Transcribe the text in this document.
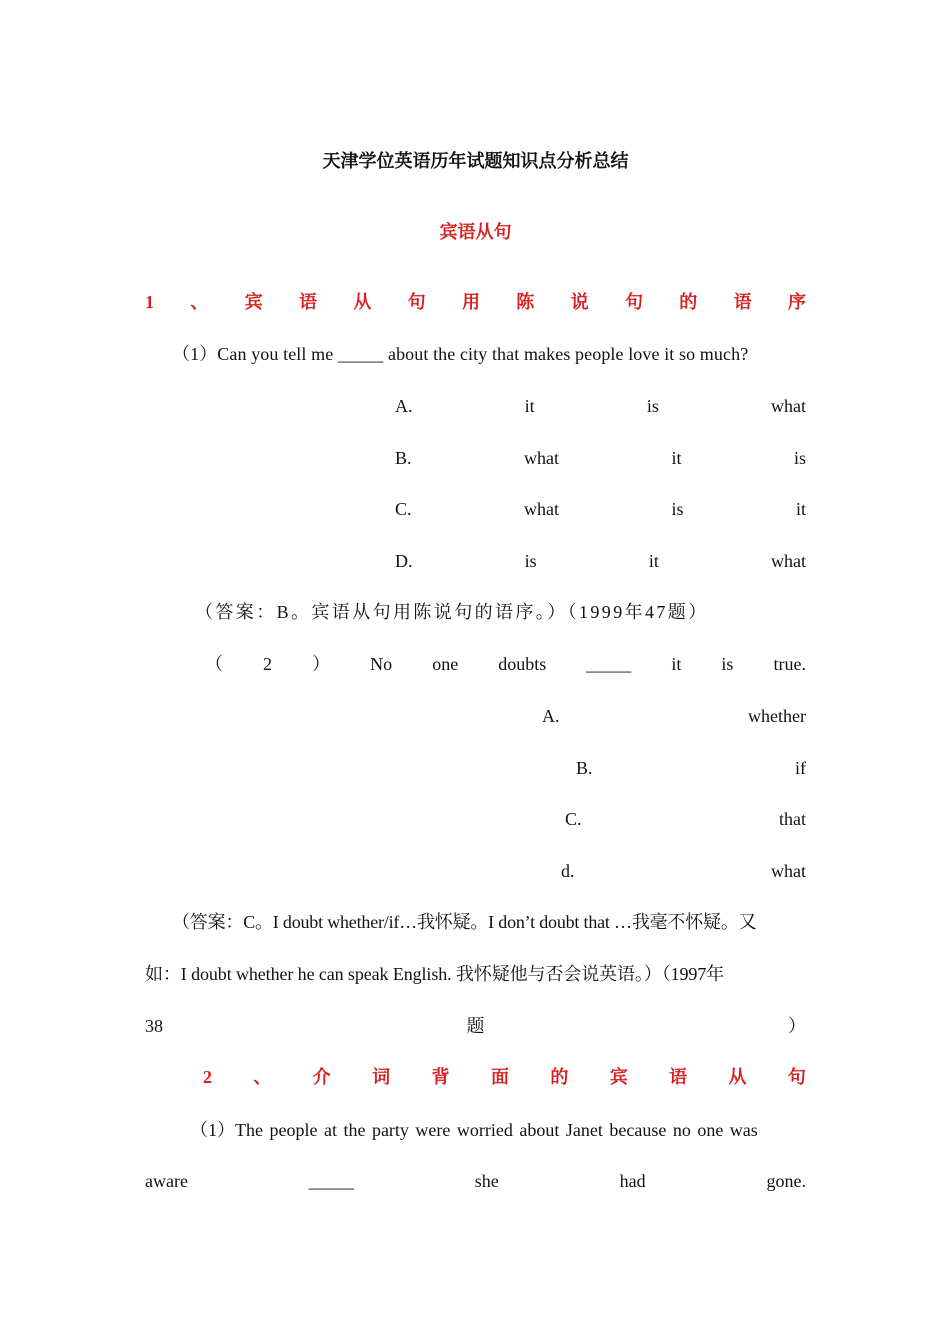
天津学位英语历年试题知识点分析总结
宾语从句
1 、 宾 语 从 句 用 陈 说 句 的 语 序
（1）Can you tell me _____ about the city that makes people love it so much?
A.	it	is	what
B.	what	it	is
C.	what	is	it
D.	is	it	what
（答案：B。宾语从句用陈说句的语序。）（1999年47题）
（ 2 ） No one doubts _____ it is true.
A.	whether
B.	if
C.	that
d.	what
（答案：C。I doubt whether/if…我怀疑。I don’t doubt that …我毫不怀疑。又
如：I doubt whether he can speak English. 我怀疑他与否会说英语。）（1997年
38	题	）
2 、 介 词 背 面 的 宾 语 从 句
（1）The people at the party were worried about Janet because no one was
aware	_____	she	had	gone.
